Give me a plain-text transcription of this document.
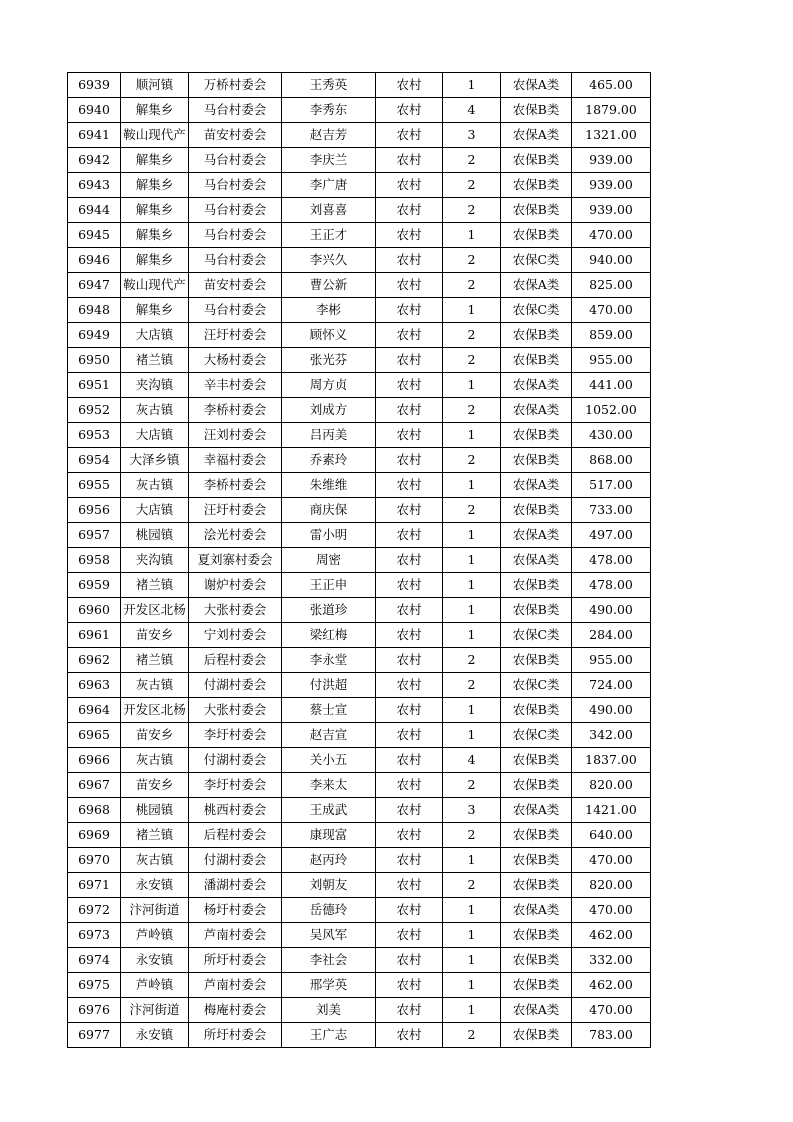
6939	顺河镇	万桥村委会	王秀英	农村	1	农保A类	465.00
6940	解集乡	马台村委会	李秀东	农村	4	农保B类	1879.00
6941	鞍山现代产	苗安村委会	赵吉芳	农村	3	农保A类	1321.00
6942	解集乡	马台村委会	李庆兰	农村	2	农保B类	939.00
6943	解集乡	马台村委会	李广唐	农村	2	农保B类	939.00
6944	解集乡	马台村委会	刘喜喜	农村	2	农保B类	939.00
6945	解集乡	马台村委会	王正才	农村	1	农保B类	470.00
6946	解集乡	马台村委会	李兴久	农村	2	农保C类	940.00
6947	鞍山现代产	苗安村委会	曹公新	农村	2	农保A类	825.00
6948	解集乡	马台村委会	李彬	农村	1	农保C类	470.00
6949	大店镇	汪圩村委会	顾怀义	农村	2	农保B类	859.00
6950	褚兰镇	大杨村委会	张光芬	农村	2	农保B类	955.00
6951	夹沟镇	辛丰村委会	周方贞	农村	1	农保A类	441.00
6952	灰古镇	李桥村委会	刘成方	农村	2	农保A类	1052.00
6953	大店镇	汪刘村委会	吕丙美	农村	1	农保B类	430.00
6954	大泽乡镇	幸福村委会	乔素玲	农村	2	农保B类	868.00
6955	灰古镇	李桥村委会	朱维维	农村	1	农保A类	517.00
6956	大店镇	汪圩村委会	商庆保	农村	2	农保B类	733.00
6957	桃园镇	浍光村委会	雷小明	农村	1	农保A类	497.00
6958	夹沟镇	夏刘寨村委会	周密	农村	1	农保A类	478.00
6959	褚兰镇	谢炉村委会	王正申	农村	1	农保B类	478.00
6960	开发区北杨	大张村委会	张道珍	农村	1	农保B类	490.00
6961	苗安乡	宁刘村委会	梁红梅	农村	1	农保C类	284.00
6962	褚兰镇	后程村委会	李永堂	农村	2	农保B类	955.00
6963	灰古镇	付湖村委会	付洪超	农村	2	农保C类	724.00
6964	开发区北杨	大张村委会	蔡士宣	农村	1	农保B类	490.00
6965	苗安乡	李圩村委会	赵吉宣	农村	1	农保C类	342.00
6966	灰古镇	付湖村委会	关小五	农村	4	农保B类	1837.00
6967	苗安乡	李圩村委会	李来太	农村	2	农保B类	820.00
6968	桃园镇	桃西村委会	王成武	农村	3	农保A类	1421.00
6969	褚兰镇	后程村委会	康现富	农村	2	农保B类	640.00
6970	灰古镇	付湖村委会	赵丙玲	农村	1	农保B类	470.00
6971	永安镇	潘湖村委会	刘朝友	农村	2	农保B类	820.00
6972	汴河街道	杨圩村委会	岳德玲	农村	1	农保A类	470.00
6973	芦岭镇	芦南村委会	吴风军	农村	1	农保B类	462.00
6974	永安镇	所圩村委会	李社会	农村	1	农保B类	332.00
6975	芦岭镇	芦南村委会	邢学英	农村	1	农保B类	462.00
6976	汴河街道	梅庵村委会	刘美	农村	1	农保A类	470.00
6977	永安镇	所圩村委会	王广志	农村	2	农保B类	783.00
